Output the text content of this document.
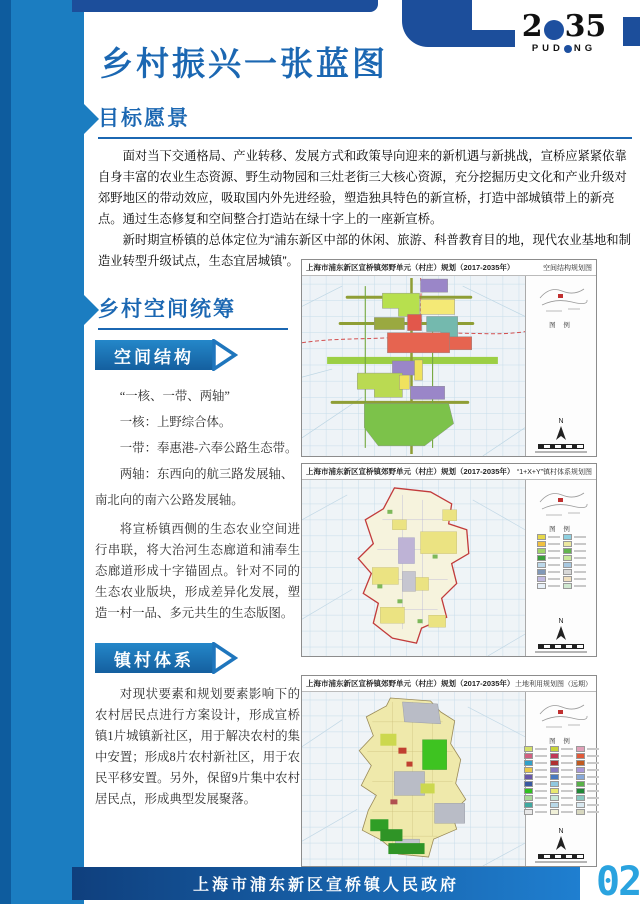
2 35
PUD NG
乡村振兴一张蓝图
目标愿景

面对当下交通格局、产业转移、发展方式和政策导向迎来的新机遇与新挑战，宣桥应紧紧依靠自身丰富的农业生态资源、野生动物园和三灶老街三大核心资源，充分挖掘历史文化和产业升级对郊野地区的带动效应，吸取国内外先进经验，塑造独具特色的新宣桥，打造中部城镇带上的新亮点。通过生态修复和空间整合打造站在绿十字上的一座新宣桥。

新时期宣桥镇的总体定位为“浦东新区中部的休闲、旅游、科普教育目的地，现代农业基地和制造业转型升级试点，生态宜居城镇”。

乡村空间统筹
空间结构

“一核、一带、两轴”

一核：上野综合体。

一带：奉惠港-六奉公路生态带。

两轴：东西向的航三路发展轴、南北向的南六公路发展轴。

将宣桥镇西侧的生态农业空间进行串联，将大治河生态廊道和浦奉生态廊道形成十字锚固点。针对不同的生态农业版块，形成差异化发展，塑造一村一品、多元共生的生态版图。
镇村体系
对现状要素和规划要素影响下的农村居民点进行方案设计，形成宣桥镇1片城镇新社区，用于解决农村的集中安置；形成8片农村新社区，用于农民平移安置。另外，保留9片集中农村居民点，形成典型发展聚落。
上海市浦东新区宣桥镇郊野单元（村庄）规划（2017-2035年）	空间结构规划图
图 例
N
上海市浦东新区宣桥镇郊野单元（村庄）规划（2017-2035年） “1+X+Y”镇村体系规划图
图 例
N
上海市浦东新区宣桥镇郊野单元（村庄）规划（2017-2035年） 土地利用规划图（远期）
图 例
N
上海市浦东新区宣桥镇人民政府	02
